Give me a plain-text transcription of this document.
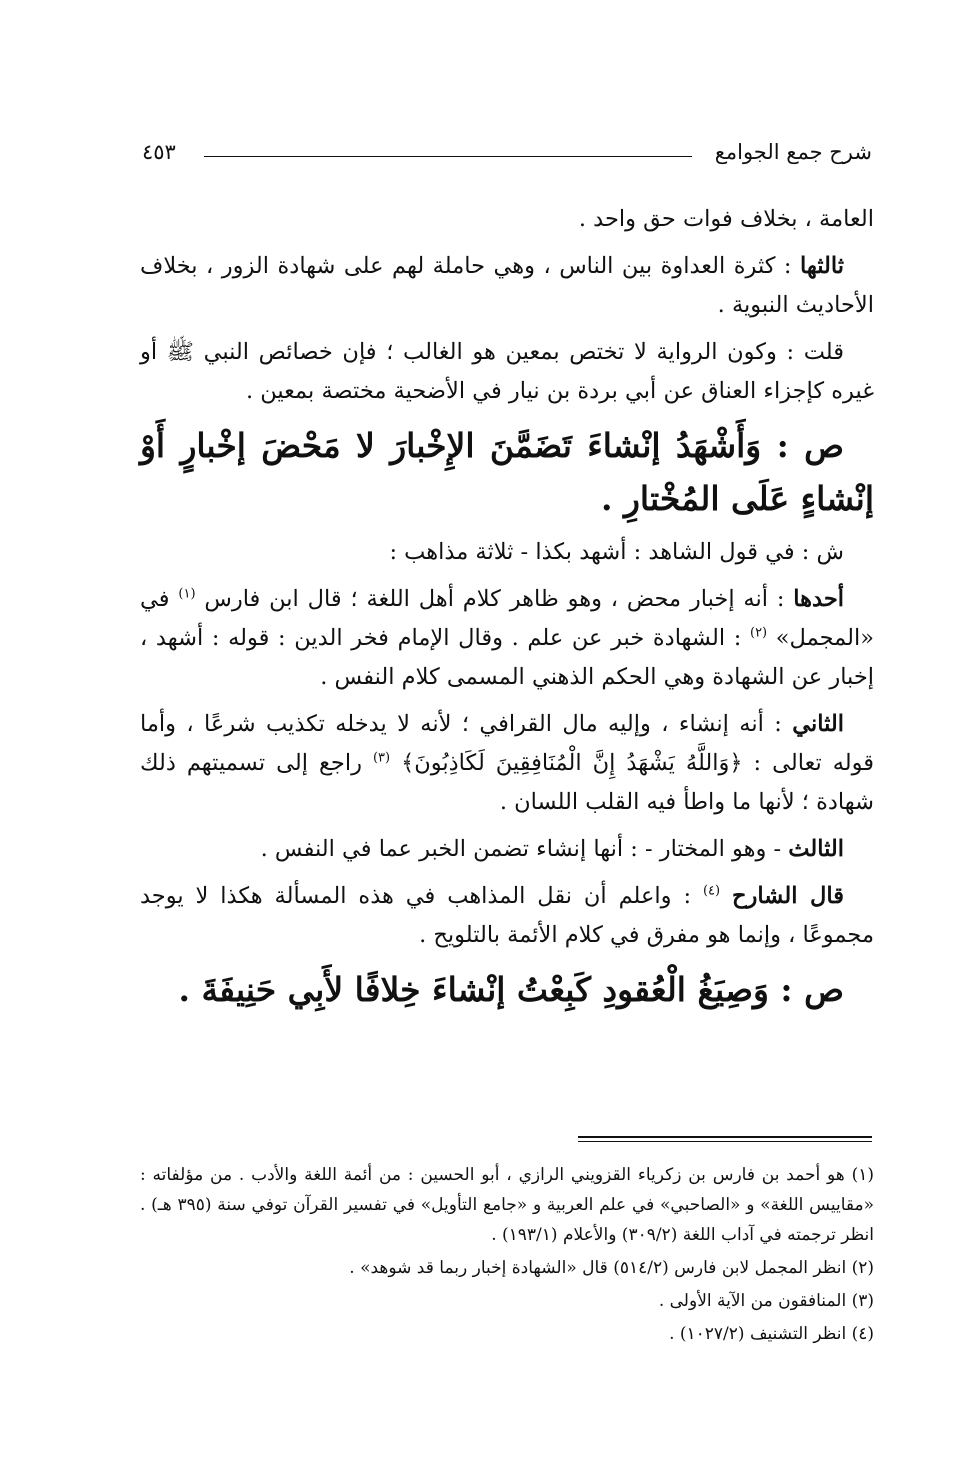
شرح جمع الجوامع
٤٥٣

العامة ، بخلاف فوات حق واحد .

ثالثها : كثرة العداوة بين الناس ، وهي حاملة لهم على شهادة الزور ، بخلاف الأحاديث النبوية .

قلت : وكون الرواية لا تختص بمعين هو الغالب ؛ فإن خصائص النبي ﷺ أو غيره كإجزاء العناق عن أبي بردة بن نيار في الأضحية مختصة بمعين .

ص : وَأَشْهَدُ إنْشاءَ تَضَمَّنَ الإِخْبارَ لا مَحْضَ إخْبارٍ أَوْ إنْشاءٍ عَلَى المُخْتارِ .

ش : في قول الشاهد : أشهد بكذا - ثلاثة مذاهب :

أحدها : أنه إخبار محض ، وهو ظاهر كلام أهل اللغة ؛ قال ابن فارس $^{(١)}$ في «المجمل» $^{(٢)}$ : الشهادة خبر عن علم . وقال الإمام فخر الدين : قوله : أشهد ، إخبار عن الشهادة وهي الحكم الذهني المسمى كلام النفس .

الثاني : أنه إنشاء ، وإليه مال القرافي ؛ لأنه لا يدخله تكذيب شرعًا ، وأما قوله تعالى : ﴿وَاللَّهُ يَشْهَدُ إِنَّ الْمُنَافِقِينَ لَكَاذِبُونَ﴾ $^{(٣)}$ راجع إلى تسميتهم ذلك شهادة ؛ لأنها ما واطأ فيه القلب اللسان .

الثالث - وهو المختار - : أنها إنشاء تضمن الخبر عما في النفس .

قال الشارح $^{(٤)}$ : واعلم أن نقل المذاهب في هذه المسألة هكذا لا يوجد مجموعًا ، وإنما هو مفرق في كلام الأئمة بالتلويح .

ص : وَصِيَغُ الْعُقودِ كَبِعْتُ إنْشاءَ خِلافًا لأَبِي حَنِيفَةَ .

(١) هو أحمد بن فارس بن زكرياء القزويني الرازي ، أبو الحسين : من أئمة اللغة والأدب . من مؤلفاته : «مقاييس اللغة» و «الصاحبي» في علم العربية و «جامع التأويل» في تفسير القرآن توفي سنة (٣٩٥ هـ) . انظر ترجمته في آداب اللغة (٣٠٩/٢) والأعلام (١٩٣/١) .

(٢) انظر المجمل لابن فارس (٥١٤/٢) قال «الشهادة إخبار ربما قد شوهد» .

(٣) المنافقون من الآية الأولى .

(٤) انظر التشنيف (١٠٢٧/٢) .
